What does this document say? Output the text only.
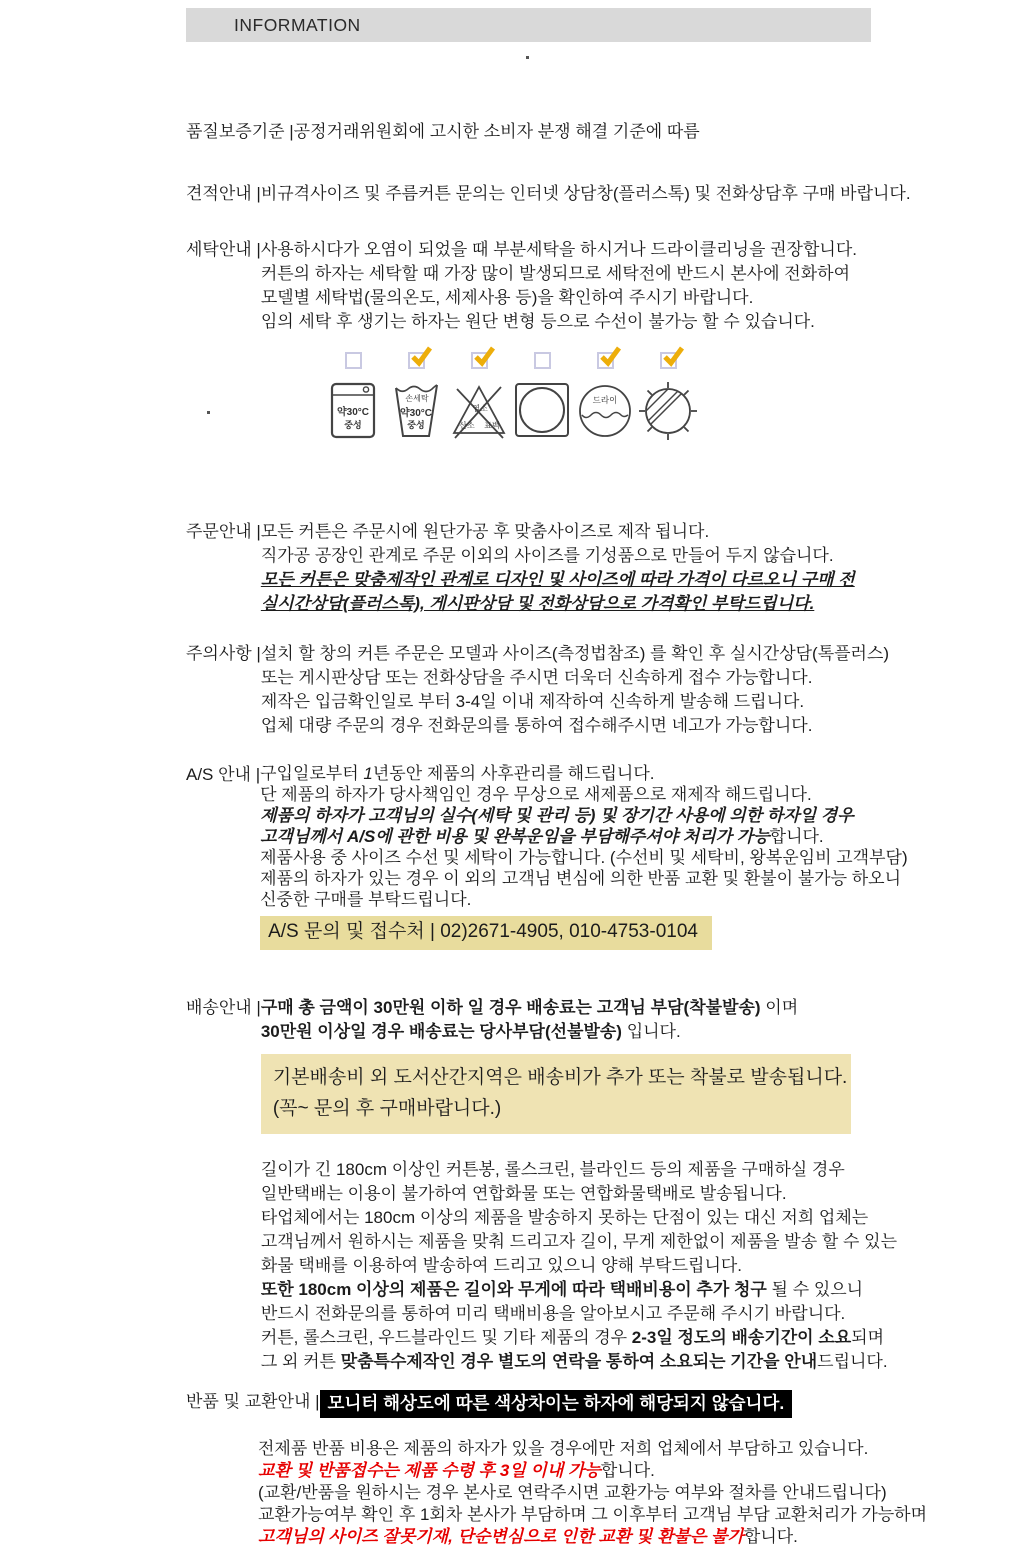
INFORMATION
품질보증기준 | 공정거래위원회에 고시한 소비자 분쟁 해결 기준에 따름
견적안내 | 비규격사이즈 및 주름커튼 문의는 인터넷 상담창(플러스톡) 및 전화상담후 구매 바랍니다.
세탁안내 | 사용하시다가 오염이 되었을 때 부분세탁을 하시거나 드라이클리닝을 권장합니다.
커튼의 하자는 세탁할 때 가장 많이 발생되므로 세탁전에 반드시 본사에 전화하여
모델별 세탁법(물의온도, 세제사용 등)을 확인하여 주시기 바랍니다.
임의 세탁 후 생기는 하자는 원단 변형 등으로 수선이 불가능 할 수 있습니다.
약30°C
중성
손세탁
약30°C
중성
염소
산소 표백
드라이
주문안내 | 모든 커튼은 주문시에 원단가공 후 맞춤사이즈로 제작 됩니다.
직가공 공장인 관계로 주문 이외의 사이즈를 기성품으로 만들어 두지 않습니다.
모든 커튼은 맞춤제작인 관계로 디자인 및 사이즈에 따라 가격이 다르오니 구매 전
실시간상담(플러스톡), 게시판상담 및 전화상담으로 가격확인 부탁드립니다.
주의사항 | 설치 할 창의 커튼 주문은 모델과 사이즈(측정법참조) 를 확인 후 실시간상담(톡플러스)
또는 게시판상담 또는 전화상담을 주시면 더욱더 신속하게 접수 가능합니다.
제작은 입금확인일로 부터 3-4일 이내 제작하여 신속하게 발송해 드립니다.
업체 대량 주문의 경우 전화문의를 통하여 접수해주시면 네고가 가능합니다.
A/S 안내 | 구입일로부터 1년동안 제품의 사후관리를 해드립니다.
단 제품의 하자가 당사책임인 경우 무상으로 새제품으로 재제작 해드립니다.
제품의 하자가 고객님의 실수(세탁 및 관리 등) 및 장기간 사용에 의한 하자일 경우
고객님께서 A/S에 관한 비용 및 완복운임을 부담해주셔야 처리가 가능합니다.
제품사용 중 사이즈 수선 및 세탁이 가능합니다. (수선비 및 세탁비, 왕복운임비 고객부담)
제품의 하자가 있는 경우 이 외의 고객님 변심에 의한 반품 교환 및 환불이 불가능 하오니
신중한 구매를 부탁드립니다.
A/S 문의 및 접수처 | 02)2671-4905, 010-4753-0104
배송안내 | 구매 총 금액이 30만원 이하 일 경우 배송료는 고객님 부담(착불발송) 이며
30만원 이상일 경우 배송료는 당사부담(선불발송) 입니다.
기본배송비 외 도서산간지역은 배송비가 추가 또는 착불로 발송됩니다.
(꼭~ 문의 후 구매바랍니다.)
길이가 긴 180cm 이상인 커튼봉, 롤스크린, 블라인드 등의 제품을 구매하실 경우
일반택배는 이용이 불가하여 연합화물 또는 연합화물택배로 발송됩니다.
타업체에서는 180cm 이상의 제품을 발송하지 못하는 단점이 있는 대신 저희 업체는
고객님께서 원하시는 제품을 맞춰 드리고자 길이, 무게 제한없이 제품을 발송 할 수 있는
화물 택배를 이용하여 발송하여 드리고 있으니 양해 부탁드립니다.
또한 180cm 이상의 제품은 길이와 무게에 따라 택배비용이 추가 청구 될 수 있으니
반드시 전화문의를 통하여 미리 택배비용을 알아보시고 주문해 주시기 바랍니다.
커튼, 롤스크린, 우드블라인드 및 기타 제품의 경우 2-3일 정도의 배송기간이 소요되며
그 외 커튼 맞춤특수제작인 경우 별도의 연락을 통하여 소요되는 기간을 안내드립니다.
반품 및 교환안내 | 모니터 해상도에 따른 색상차이는 하자에 해당되지 않습니다.
전제품 반품 비용은 제품의 하자가 있을 경우에만 저희 업체에서 부담하고 있습니다.
교환 및 반품접수는 제품 수령 후 3일 이내 가능합니다.
(교환/반품을 원하시는 경우 본사로 연락주시면 교환가능 여부와 절차를 안내드립니다)
교환가능여부 확인 후 1회차 본사가 부담하며 그 이후부터 고객님 부담 교환처리가 가능하며
고객님의 사이즈 잘못기재, 단순변심으로 인한 교환 및 환불은 불가합니다.
